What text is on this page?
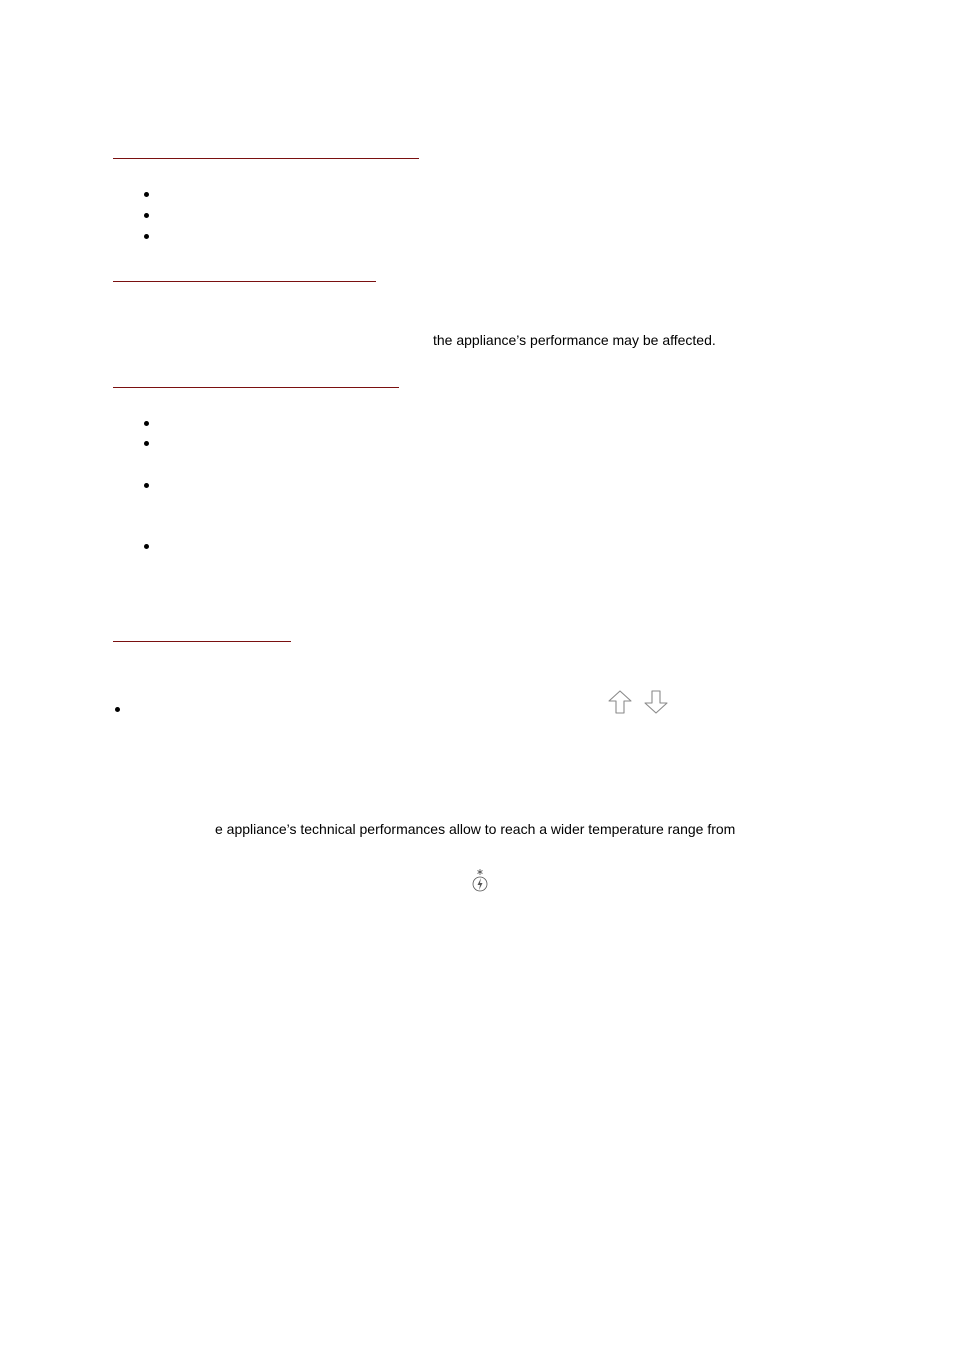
the appliance’s performance may be affected.
e appliance’s technical performances allow to reach a wider temperature range from
